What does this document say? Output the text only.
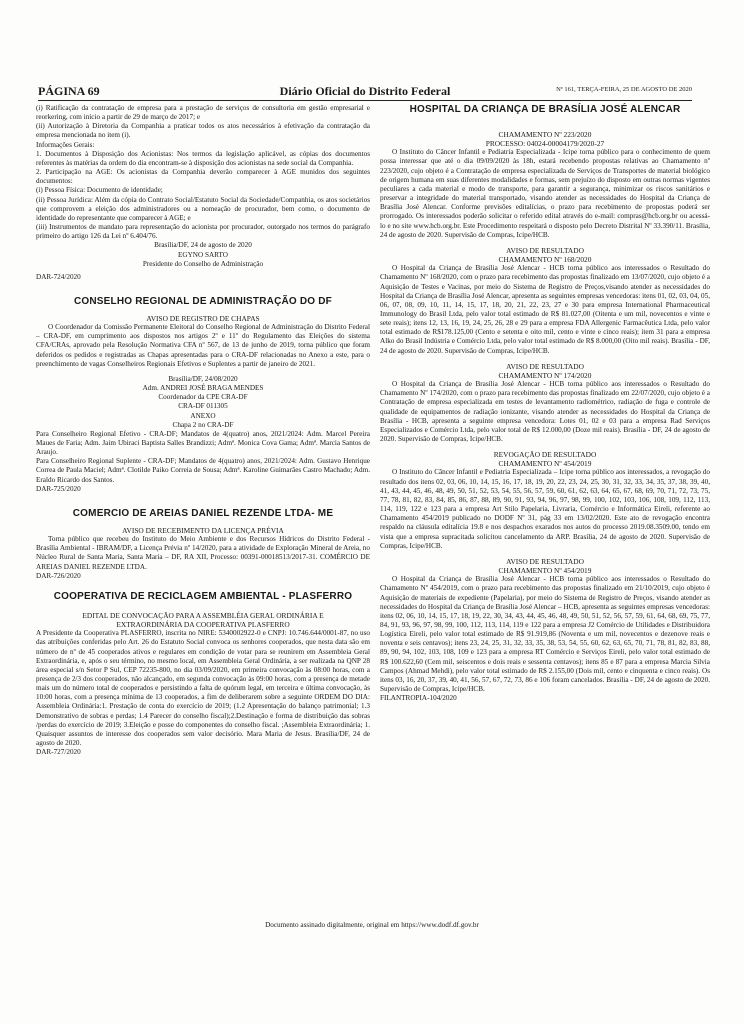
PÁGINA 69	Diário Oficial do Distrito Federal	Nº 161, TERÇA-FEIRA, 25 DE AGOSTO DE 2020

(i) Ratificação da contratação de empresa para a prestação de serviços de consultoria em gestão empresarial e reorkering, com início a partir de 29 de março de 2017; e

(ii) Autorização à Diretoria da Companhia a praticar todos os atos necessários à efetivação da contratação da empresa mencionada no item (i).

Informações Gerais:

1. Documentos à Disposição dos Acionistas: Nos termos da legislação aplicável, as cópias dos documentos referentes às matérias da ordem do dia encontram-se à disposição dos acionistas na sede social da Companhia.

2. Participação na AGE: Os acionistas da Companhia deverão comparecer à AGE munidos dos seguintes documentos:

(i) Pessoa Física: Documento de identidade;

(ii) Pessoa Jurídica: Além da cópia do Contrato Social/Estatuto Social da Sociedade/Companhia, os atos societários que comprovem a eleição dos administradores ou a nomeação de procurador, bem como, o documento de identidade do representante que comparecer à AGE; e

(iii) Instrumentos de mandato para representação do acionista por procurador, outorgado nos termos do parágrafo primeiro do artigo 126 da Lei nº 6.404/76.

Brasília/DF, 24 de agosto de 2020

EGYNO SARTO

Presidente do Conselho de Administração

DAR-724/2020

CONSELHO REGIONAL DE ADMINISTRAÇÃO DO DF

AVISO DE REGISTRO DE CHAPAS

O Coordenador da Comissão Permanente Eleitoral do Conselho Regional de Administração do Distrito Federal – CRA-DF, em cumprimento aos dispostos nos artigos 2º e 11º do Regulamento das Eleições do sistema CFA/CRAs, aprovado pela Resolução Normativa CFA nº 567, de 13 de junho de 2019, torna público que foram deferidos os pedidos e registradas as Chapas apresentadas para o CRA-DF relacionadas no Anexo a este, para o preenchimento de vagas Conselheiros Regionais Efetivos e Suplentes a partir de janeiro de 2021.

Brasília/DF, 24/08/2020

Adm. ANDREI JOSÉ BRAGA MENDES

Coordenador da CPE CRA-DF

CRA-DF 011305

ANEXO

Chapa 2 no CRA-DF

Para Conselheiro Regional Efetivo - CRA-DF; Mandatos de 4(quatro) anos, 2021/2024: Adm. Marcel Pereira Maues de Faria; Adm. Jaim Ubiraci Baptista Salles Brandizzi; Admª. Monica Cova Gama; Admª. Marcia Santos de Araujo.

Para Conselheiro Regional Suplente - CRA-DF; Mandatos de 4(quatro) anos, 2021/2024: Adm. Gustavo Henrique Correa de Paula Maciel; Admª. Clotilde Paiko Correia de Sousa; Admª. Karoline Guimarães Castro Machado; Adm. Eraldo Ricardo dos Santos.

DAR-725/2020

COMERCIO DE AREIAS DANIEL REZENDE LTDA- ME

AVISO DE RECEBIMENTO DA LICENÇA PRÉVIA

Torna público que recebeu do Instituto do Meio Ambiente e dos Recursos Hídricos do Distrito Federal - Brasília Ambiental - IBRAM/DF, a Licença Prévia nº 14/2020, para a atividade de Exploração Mineral de Areia, no Núcleo Rural de Santa Maria, Santa Maria – DF, RA XII, Processo: 00391-00018513/2017-31. COMÉRCIO DE AREIAS DANIEL REZENDE LTDA.

DAR-726/2020

COOPERATIVA DE RECICLAGEM AMBIENTAL - PLASFERRO

EDITAL DE CONVOCAÇÃO PARA A ASSEMBLÉIA GERAL ORDINÁRIA E

EXTRAORDINÁRIA DA COOPERATIVA PLASFERRO

A Presidente da Cooperativa PLASFERRO, inscrita no NIRE: 5340002922-0 e CNPJ: 10.746.644/0001-87, no uso das atribuições conferidas pelo Art. 26 do Estatuto Social convoca os senhores cooperados, que nesta data são em número de nº de 45 cooperados ativos e regulares em condição de votar para se reunirem em Assembleia Geral Extraordinária, e, após o seu término, no mesmo local, em Assembleia Geral Ordinária, a ser realizada na QNP 28 área especial s/n Setor P Sul, CEP 72235-800, no dia 03/09/2020, em primeira convocação às 08:00 horas, com a presença de 2/3 dos cooperados, não alcançado, em segunda convocação às 09:00 horas, com a presença de metade mais um do número total de cooperados e persistindo a falta de quórum legal, em terceira e última convocação, às 10:00 horas, com a presença mínima de 13 cooperados, a fim de deliberarem sobre a seguinte ORDEM DO DIA: Assembleia Ordinária:1. Prestação de conta do exercício de 2019; (1.2 Apresentação do balanço patrimonial; 1.3 Demonstrativo de sobras e perdas; 1.4 Parecer do conselho fiscal);2.Destinação e forma de distribuição das sobras /perdas do exercício de 2019; 3.Eleição e posse do componentes do conselho fiscal. ;Assembleia Extraordinária; 1. Quaisquer assuntos de interesse dos cooperados sem valor decisório. Mara Maria de Jesus. Brasília/DF, 24 de agosto de 2020.

DAR-727/2020

HOSPITAL DA CRIANÇA DE BRASÍLIA JOSÉ ALENCAR

CHAMAMENTO Nº 223/2020

PROCESSO: 04024-00004179/2020-27

O Instituto do Câncer Infantil e Pediatria Especializada - Icipe torna público para o conhecimento de quem possa interessar que até o dia 09/09/2020 às 18h, estará recebendo propostas relativas ao Chamamento nº 223/2020, cujo objeto é a Contratação de empresa especializada de Serviços de Transportes de material biológico de origem humana em suas diferentes modalidades e formas, sem prejuízo do disposto em outras normas vigentes peculiares a cada material e modo de transporte, para garantir a segurança, minimizar os riscos sanitários e preservar a integridade do material transportado, visando atender as necessidades do Hospital da Criança de Brasília José Alencar. Conforme previsões editalícias, o prazo para recebimento de propostas poderá ser prorrogado. Os interessados poderão solicitar o referido edital através do e-mail: compras@hcb.org.br ou acessá-lo e no site www.hcb.org.br. Este Procedimento respeitará o disposto pelo Decreto Distrital Nº 33.390/11. Brasília, 24 de agosto de 2020. Supervisão de Compras, Icipe/HCB.

AVISO DE RESULTADO

CHAMAMENTO Nº 168/2020

O Hospital da Criança de Brasília José Alencar - HCB torna público aos interessados o Resultado do Chamamento Nº 168/2020, com o prazo para recebimento das propostas finalizado em 13/07/2020, cujo objeto é a Aquisição de Testes e Vacinas, por meio do Sistema de Registro de Preços,visando atender as necessidades do Hospital da Criança de Brasília José Alencar, apresenta as seguintes empresas vencedoras: itens 01, 02, 03, 04, 05, 06, 07, 08, 09, 10, 11, 14, 15, 17, 18, 20, 21, 22, 23, 27 e 30 para empresa International Pharmaceutical Immunology do Brasil Ltda, pelo valor total estimado de R$ 81.027,00 (Oitenta e um mil, novecentos e vinte e sete reais); itens 12, 13, 16, 19, 24, 25, 26, 28 e 29 para a empresa FDA Allergenic Farmacêutica Ltda, pelo valor total estimado de R$178.125,00 (Cento e setenta e oito mil, cento e vinte e cinco reais); item 31 para a empresa Alko do Brasil Indústria e Comércio Ltda, pelo valor total estimado de R$ 8.000,00 (Oito mil reais). Brasília - DF, 24 de agosto de 2020. Supervisão de Compras, Icipe/HCB.

AVISO DE RESULTADO

CHAMAMENTO Nº 174/2020

O Hospital da Criança de Brasília José Alencar - HCB torna público aos interessados o Resultado do Chamamento Nº 174/2020, com o prazo para recebimento das propostas finalizado em 22/07/2020, cujo objeto é a Contratação de empresa especializada em testes de levantamento radiométrico, radiação de fuga e controle de qualidade de equipamentos de radiação ionizante, visando atender as necessidades do Hospital da Criança de Brasília - HCB, apresenta a seguinte empresa vencedora: Lotes 01, 02 e 03 para a empresa Rad Serviços Especializados e Comércio Ltda, pelo valor total de R$ 12.000,00 (Doze mil reais). Brasília - DF, 24 de agosto de 2020. Supervisão de Compras, Icipe/HCB.

REVOGAÇÃO DE RESULTADO

CHAMAMENTO Nº 454/2019

O Instituto do Câncer Infantil e Pediatria Especializada – Icipe torna público aos interessados, a revogação do resultado dos itens 02, 03, 06, 10, 14, 15, 16, 17, 18, 19, 20, 22, 23, 24, 25, 30, 31, 32, 33, 34, 35, 37, 38, 39, 40, 41, 43, 44, 45, 46, 48, 49, 50, 51, 52, 53, 54, 55, 56, 57, 59, 60, 61, 62, 63, 64, 65, 67, 68, 69, 70, 71, 72, 73, 75, 77, 78, 81, 82, 83, 84, 85, 86, 87, 88, 89, 90, 91, 93, 94, 96, 97, 98, 99, 100, 102, 103, 106, 108, 109, 112, 113, 114, 119, 122 e 123 para a empresa Art Stilo Papelaria, Livraria, Comércio e Informática Eireli, referente ao Chamamento 454/2019 publicado no DODF Nº 31, pág 33 em 13/02/2020. Este ato de revogação encontra respaldo na cláusula editalícia 19.8 e nos despachos exarados nos autos do processo 2019.08.3509.00, tendo em vista que a empresa supracitada solicitou cancelamento da ARP. Brasília, 24 de agosto de 2020. Supervisão de Compras, Icipe/HCB.

AVISO DE RESULTADO

CHAMAMENTO Nº 454/2019

O Hospital da Criança de Brasília José Alencar - HCB torna público aos interessados o Resultado do Chamamento Nº 454/2019, com o prazo para recebimento das propostas finalizado em 21/10/2019, cujo objeto é Aquisição de materiais de expediente (Papelaria), por meio do Sistema de Registro de Preços, visando atender as necessidades do Hospital da Criança de Brasília José Alencar – HCB, apresenta as seguintes empresas vencedoras: itens 02, 06, 10, 14, 15, 17, 18, 19, 22, 30, 34, 43, 44, 45, 46, 48, 49, 50, 51, 52, 56, 57, 59, 61, 64, 68, 69, 75, 77, 84, 91, 93, 96, 97, 98, 99, 100, 112, 113, 114, 119 e 122 para a empresa J2 Comércio de Utilidades e Distribuidora Logística Eireli, pelo valor total estimado de R$ 91.919,86 (Noventa e um mil, novecentos e dezenove reais e noventa e seis centavos); itens 23, 24, 25, 31, 32, 33, 35, 38, 53, 54, 55, 60, 62, 63, 65, 70, 71, 78, 81, 82, 83, 88, 89, 90, 94, 102, 103, 108, 109 e 123 para a empresa RT Comércio e Serviços Eireli, pelo valor total estimado de R$ 100.622,60 (Cem mil, seiscentos e dois reais e sessenta centavos); itens 85 e 87 para a empresa Marcia Silvia Campos (Ahmad Mehdi), pelo valor total estimado de R$ 2.155,00 (Dois mil, cento e cinquenta e cinco reais). Os itens 03, 16, 20, 37, 39, 40, 41, 56, 57, 67, 72, 73, 86 e 106 foram cancelados. Brasília - DF, 24 de agosto de 2020. Supervisão de Compras, Icipe/HCB.

FILANTROPIA-104/2020

Documento assinado digitalmente, original em https://www.dodf.df.gov.br
